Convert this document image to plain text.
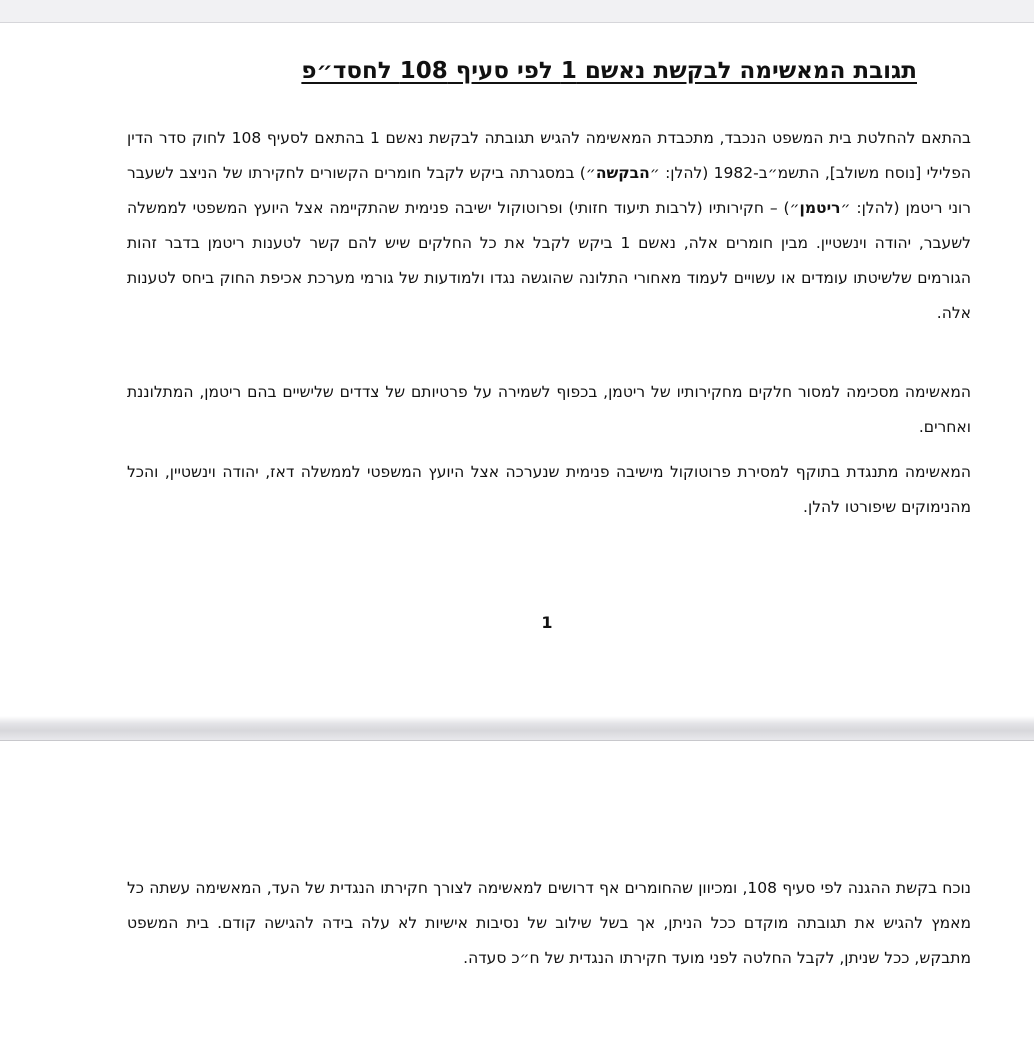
תגובת המאשימה לבקשת נאשם 1 לפי סעיף 108 לחסד״פ

בהתאם להחלטת בית המשפט הנכבד, מתכבדת המאשימה להגיש תגובתה לבקשת נאשם 1 בהתאם לסעיף 108 לחוק סדר הדין הפלילי [נוסח משולב], התשמ״ב-1982 (להלן: ״הבקשה״) במסגרתה ביקש לקבל חומרים הקשורים לחקירתו של הניצב לשעבר רוני ריטמן (להלן: ״ריטמן״) – חקירותיו (לרבות תיעוד חזותי) ופרוטוקול ישיבה פנימית שהתקיימה אצל היועץ המשפטי לממשלה לשעבר, יהודה וינשטיין. מבין חומרים אלה, נאשם 1 ביקש לקבל את כל החלקים שיש להם קשר לטענות ריטמן בדבר זהות הגורמים שלשיטתו עומדים או עשויים לעמוד מאחורי התלונה שהוגשה נגדו ולמודעות של גורמי מערכת אכיפת החוק ביחס לטענות אלה.

המאשימה מסכימה למסור חלקים מחקירותיו של ריטמן, בכפוף לשמירה על פרטיותם של צדדים שלישיים בהם ריטמן, המתלוננת ואחרים.

המאשימה מתנגדת בתוקף למסירת פרוטוקול מישיבה פנימית שנערכה אצל היועץ המשפטי לממשלה דאז, יהודה וינשטיין, והכל מהנימוקים שיפורטו להלן.

1

נוכח בקשת ההגנה לפי סעיף 108, ומכיוון שהחומרים אף דרושים למאשימה לצורך חקירתו הנגדית של העד, המאשימה עשתה כל מאמץ להגיש את תגובתה מוקדם ככל הניתן, אך בשל שילוב של נסיבות אישיות לא עלה בידה להגישה קודם. בית המשפט מתבקש, ככל שניתן, לקבל החלטה לפני מועד חקירתו הנגדית של ח״כ סעדה.
